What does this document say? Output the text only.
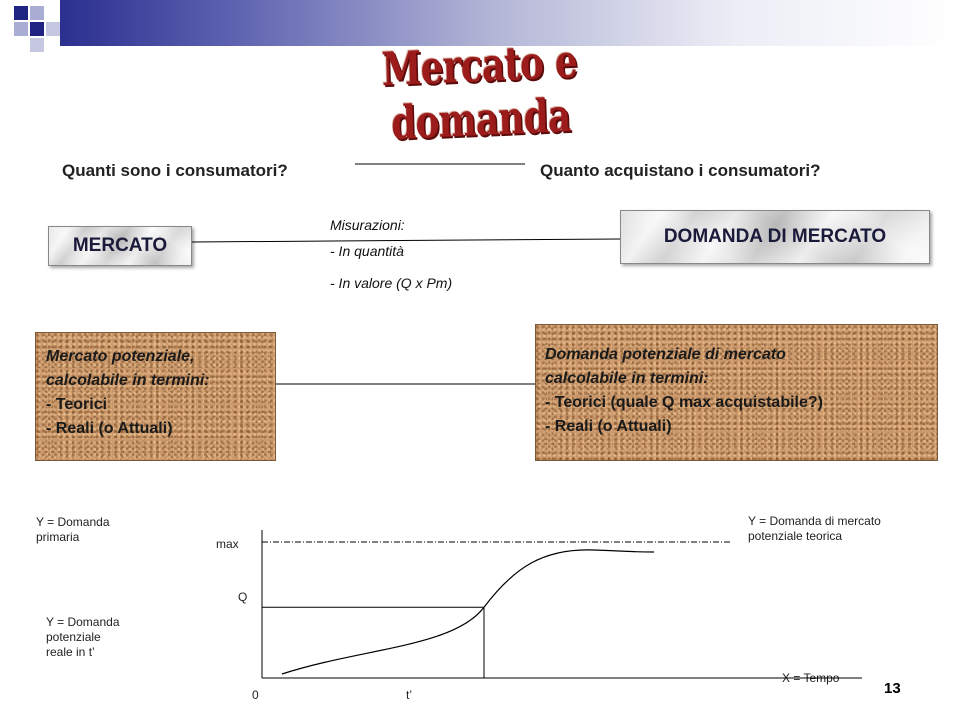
Mercato e domanda
Quanti sono i consumatori?	Quanto acquistano i consumatori?
MERCATO	DOMANDA DI MERCATO
Misurazioni:
- In quantità
- In valore (Q x Pm)
Mercato potenziale,
calcolabile in termini:
- Teorici
- Reali (o Attuali)
Domanda potenziale di mercato
calcolabile in termini:
- Teorici (quale Q max acquistabile?)
- Reali (o Attuali)
Y = Domanda
primaria
Y = Domanda
potenziale
reale in t’
Y = Domanda di mercato
potenziale teorica
X = Tempo
max
Q
0	t’	13
